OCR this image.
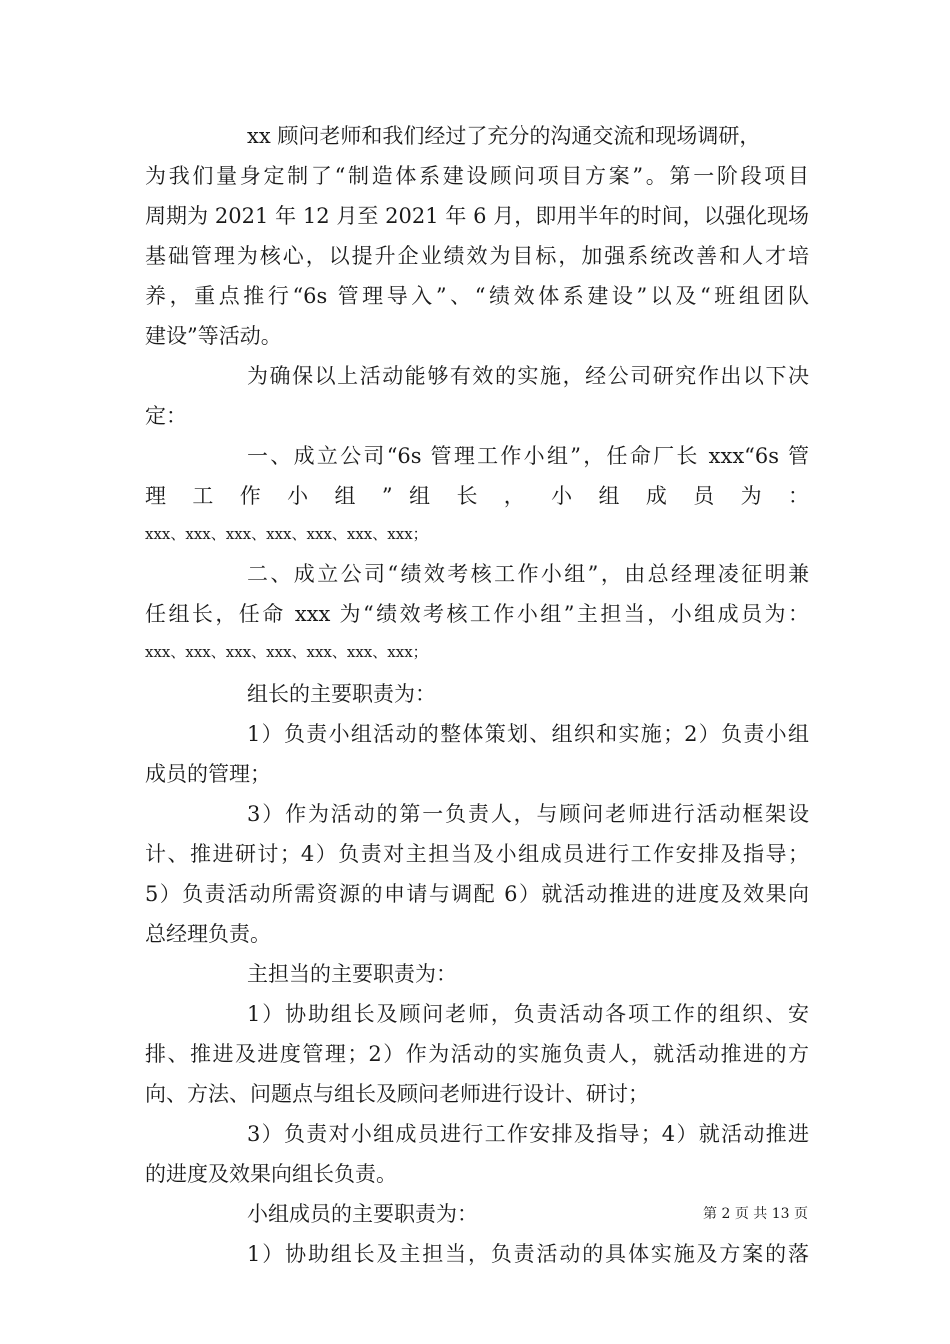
xx 顾问老师和我们经过了充分的沟通交流和现场调研，
为我们量身定制了“制造体系建设顾问项目方案”。第一阶段项目
周期为 2021 年 12 月至 2021 年 6 月，即用半年的时间，以强化现场
基础管理为核心，以提升企业绩效为目标，加强系统改善和人才培
养，重点推行“6s 管理导入”、“绩效体系建设”以及“班组团队
建设”等活动。
为确保以上活动能够有效的实施，经公司研究作出以下决
定：
一、成立公司“6s 管理工作小组”，任命厂长 xxx“6s 管
理 工 作 小 组 ” 组 长 ， 小 组 成 员 为 ：
xxx、xxx、xxx、xxx、xxx、xxx、xxx；
二、成立公司“绩效考核工作小组”，由总经理凌征明兼
任组长，任命 xxx 为“绩效考核工作小组”主担当，小组成员为：
xxx、xxx、xxx、xxx、xxx、xxx、xxx；
组长的主要职责为：
1）负责小组活动的整体策划、组织和实施；2）负责小组
成员的管理；
3）作为活动的第一负责人，与顾问老师进行活动框架设
计、推进研讨；4）负责对主担当及小组成员进行工作安排及指导；
5）负责活动所需资源的申请与调配 6）就活动推进的进度及效果向
总经理负责。
主担当的主要职责为：
1）协助组长及顾问老师，负责活动各项工作的组织、安
排、推进及进度管理；2）作为活动的实施负责人，就活动推进的方
向、方法、问题点与组长及顾问老师进行设计、研讨；
3）负责对小组成员进行工作安排及指导；4）就活动推进
的进度及效果向组长负责。
小组成员的主要职责为：
1）协助组长及主担当，负责活动的具体实施及方案的落
第 2 页 共 13 页
